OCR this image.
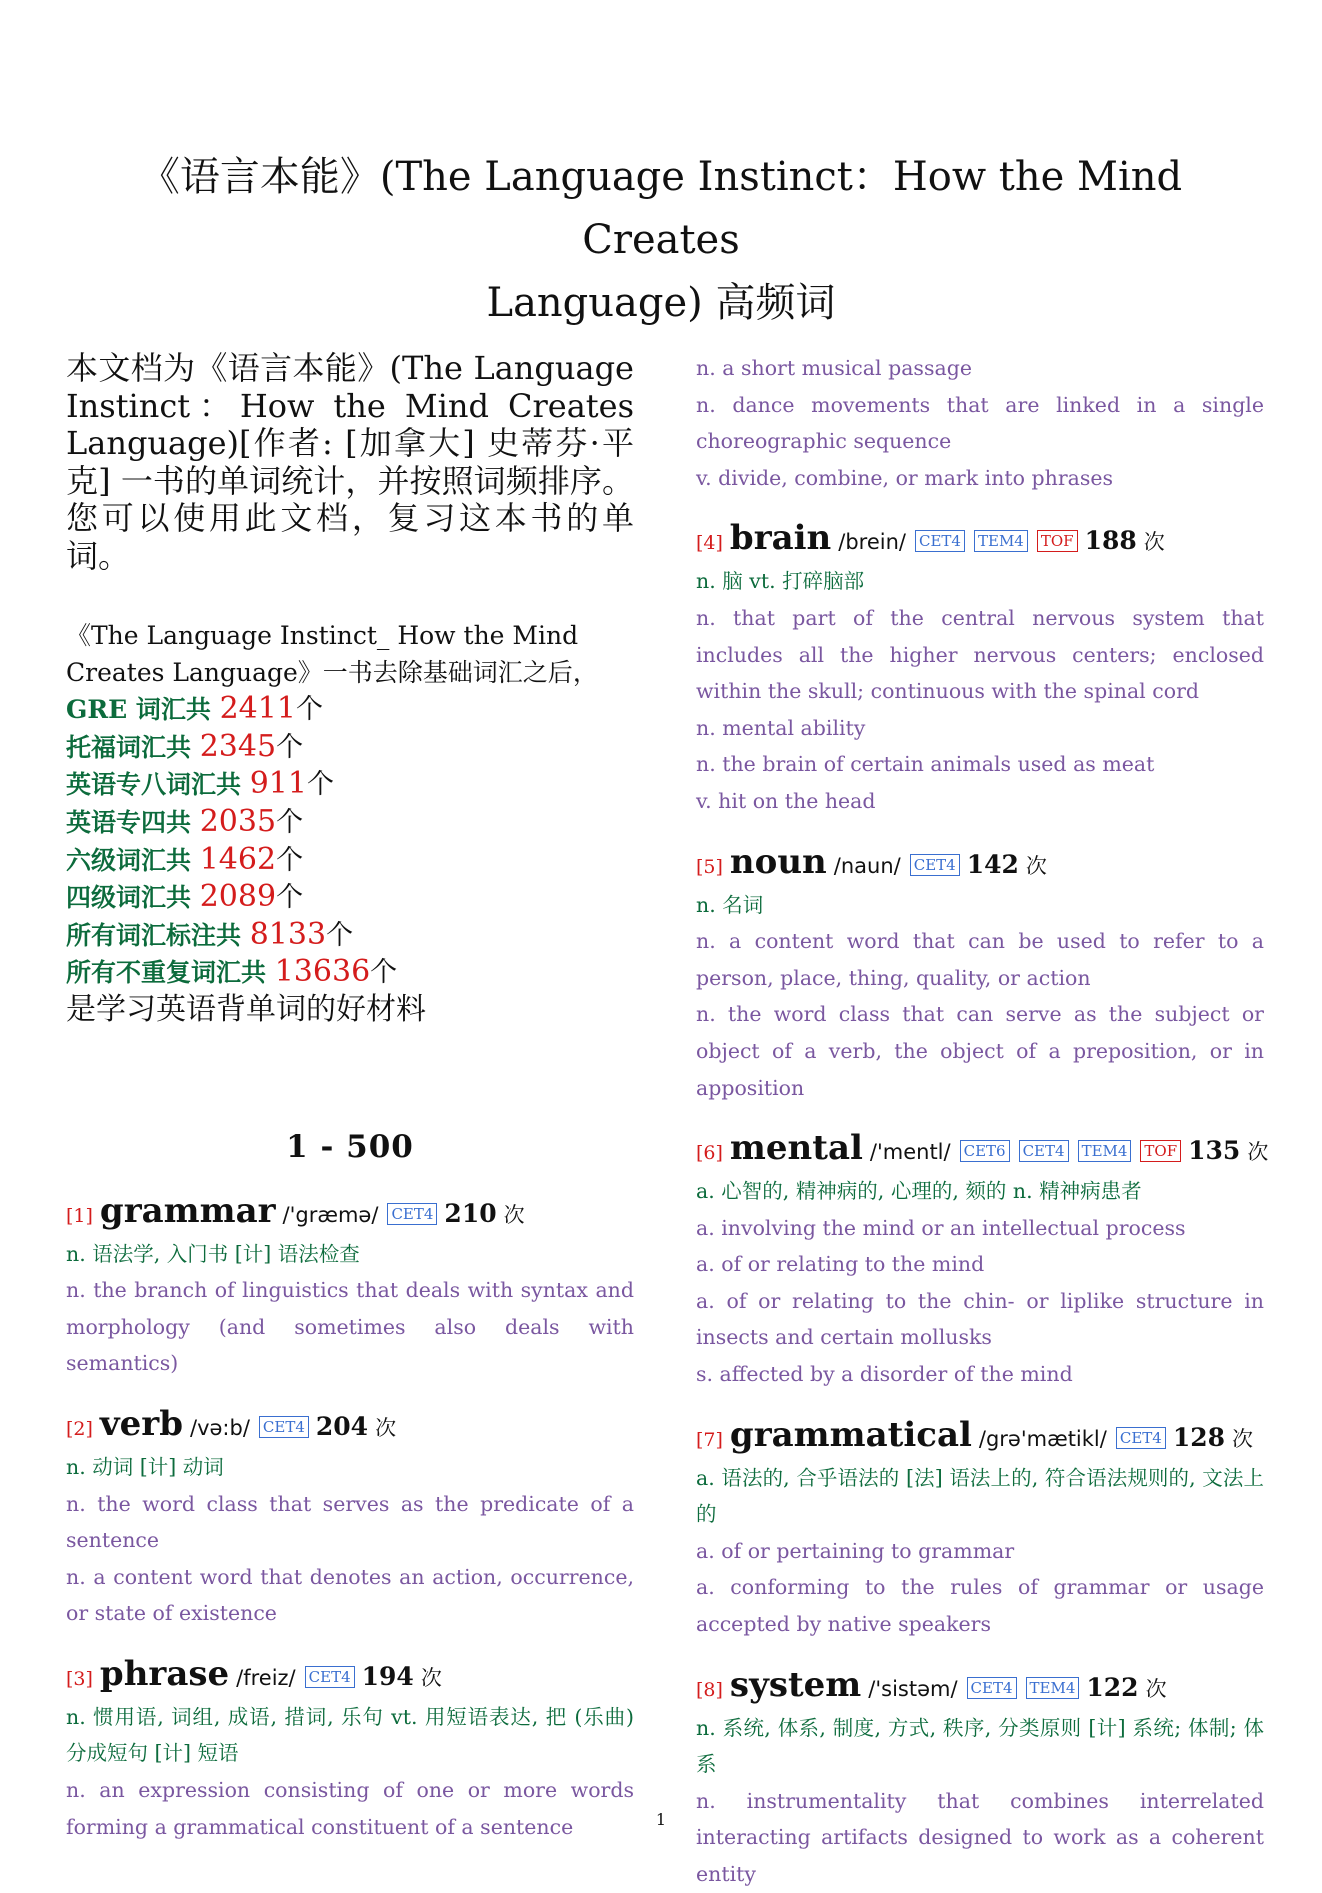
《语言本能》(The Language Instinct：How the Mind Creates
Language) 高频词
本文档为《语言本能》(The Language Instinct：How the Mind Creates Language)[作者: [加拿大] 史蒂芬·平克] 一书的单词统计，并按照词频排序。您可以使用此文档，复习这本书的单词。
《The Language Instinct_ How the Mind Creates Language》一书去除基础词汇之后，
GRE 词汇共 2411个
托福词汇共 2345个
英语专八词汇共 911个
英语专四共 2035个
六级词汇共 1462个
四级词汇共 2089个
所有词汇标注共 8133个
所有不重复词汇共 13636个
是学习英语背单词的好材料
1 - 500
[1] grammar /'græmə/ CET4 210 次
n. 语法学, 入门书 [计] 语法检查
n. the branch of linguistics that deals with syntax and morphology (and sometimes also deals with semantics)
[2] verb /və:b/ CET4 204 次
n. 动词 [计] 动词
n. the word class that serves as the predicate of a sentence
n. a content word that denotes an action, occurrence, or state of existence
[3] phrase /freiz/ CET4 194 次
n. 惯用语, 词组, 成语, 措词, 乐句 vt. 用短语表达, 把 (乐曲) 分成短句 [计] 短语
n. an expression consisting of one or more words forming a grammatical constituent of a sentence
n. a short musical passage
n. dance movements that are linked in a single choreographic sequence
v. divide, combine, or mark into phrases
[4] brain /brein/ CET4 TEM4 TOF 188 次
n. 脑 vt. 打碎脑部
n. that part of the central nervous system that includes all the higher nervous centers; enclosed within the skull; continuous with the spinal cord
n. mental ability
n. the brain of certain animals used as meat
v. hit on the head
[5] noun /naun/ CET4 142 次
n. 名词
n. a content word that can be used to refer to a person, place, thing, quality, or action
n. the word class that can serve as the subject or object of a verb, the object of a preposition, or in apposition
[6] mental /'mentl/ CET6 CET4 TEM4 TOF 135 次
a. 心智的, 精神病的, 心理的, 颏的 n. 精神病患者
a. involving the mind or an intellectual process
a. of or relating to the mind
a. of or relating to the chin- or liplike structure in insects and certain mollusks
s. affected by a disorder of the mind
[7] grammatical /grə'mætikl/ CET4 128 次
a. 语法的, 合乎语法的 [法] 语法上的, 符合语法规则的, 文法上的
a. of or pertaining to grammar
a. conforming to the rules of grammar or usage accepted by native speakers
[8] system /'sistəm/ CET4 TEM4 122 次
n. 系统, 体系, 制度, 方式, 秩序, 分类原则 [计] 系统; 体制; 体系
n. instrumentality that combines interrelated interacting artifacts designed to work as a coherent entity
1
